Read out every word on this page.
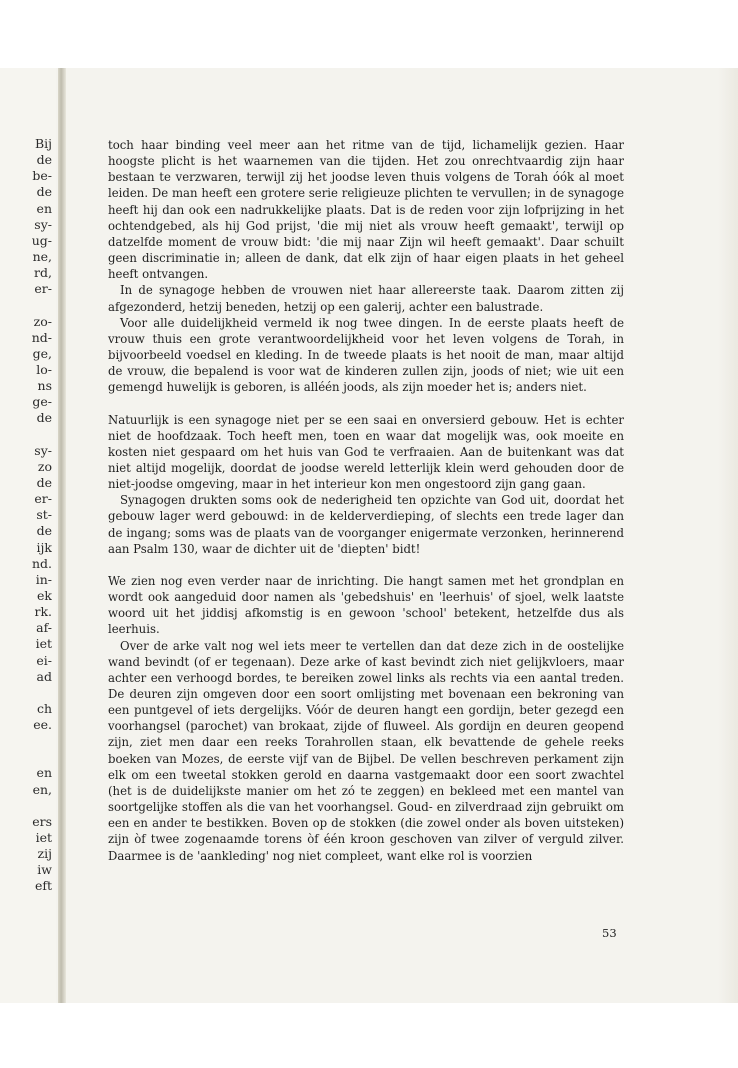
Bij
de
be-
de
en
sy-
ug-
ne,
rd,
er-
zo-
nd-
ge,
lo-
ns
ge-
de
sy-
zo
de
er-
st-
de
ijk
nd.
in-
ek
rk.
af-
iet
ei-
ad
ch
ee.
en
en,
ers
iet
zij
iw
eft

toch haar binding veel meer aan het ritme van de tijd, lichamelijk gezien. Haar hoogste plicht is het waarnemen van die tijden. Het zou onrechtvaardig zijn haar bestaan te verzwaren, terwijl zij het joodse leven thuis volgens de Torah óók al moet leiden. De man heeft een grotere serie religieuze plichten te vervullen; in de synagoge heeft hij dan ook een nadrukkelijke plaats. Dat is de reden voor zijn lofprijzing in het ochtendgebed, als hij God prijst, 'die mij niet als vrouw heeft gemaakt', terwijl op datzelfde moment de vrouw bidt: 'die mij naar Zijn wil heeft gemaakt'. Daar schuilt geen discriminatie in; alleen de dank, dat elk zijn of haar eigen plaats in het geheel heeft ontvangen.

In de synagoge hebben de vrouwen niet haar allereerste taak. Daarom zitten zij afgezonderd, hetzij beneden, hetzij op een galerij, achter een balustrade.

Voor alle duidelijkheid vermeld ik nog twee dingen. In de eerste plaats heeft de vrouw thuis een grote verantwoordelijkheid voor het leven volgens de Torah, in bijvoorbeeld voedsel en kleding. In de tweede plaats is het nooit de man, maar altijd de vrouw, die bepalend is voor wat de kinderen zullen zijn, joods of niet; wie uit een gemengd huwelijk is geboren, is alléén joods, als zijn moeder het is; anders niet.

Natuurlijk is een synagoge niet per se een saai en onversierd gebouw. Het is echter niet de hoofdzaak. Toch heeft men, toen en waar dat mogelijk was, ook moeite en kosten niet gespaard om het huis van God te verfraaien. Aan de buitenkant was dat niet altijd mogelijk, doordat de joodse wereld letterlijk klein werd gehouden door de niet-joodse omgeving, maar in het interieur kon men ongestoord zijn gang gaan.

Synagogen drukten soms ook de nederigheid ten opzichte van God uit, doordat het gebouw lager werd gebouwd: in de kelderverdieping, of slechts een trede lager dan de ingang; soms was de plaats van de voorganger enigermate verzonken, herinnerend aan Psalm 130, waar de dichter uit de 'diepten' bidt!

We zien nog even verder naar de inrichting. Die hangt samen met het grondplan en wordt ook aangeduid door namen als 'gebedshuis' en 'leerhuis' of sjoel, welk laatste woord uit het jiddisj afkomstig is en gewoon 'school' betekent, hetzelfde dus als leerhuis.

Over de arke valt nog wel iets meer te vertellen dan dat deze zich in de oostelijke wand bevindt (of er tegenaan). Deze arke of kast bevindt zich niet gelijkvloers, maar achter een verhoogd bordes, te bereiken zowel links als rechts via een aantal treden. De deuren zijn omgeven door een soort omlijsting met bovenaan een bekroning van een puntgevel of iets dergelijks. Vóór de deuren hangt een gordijn, beter gezegd een voorhangsel (parochet) van brokaat, zijde of fluweel. Als gordijn en deuren geopend zijn, ziet men daar een reeks Torahrollen staan, elk bevattende de gehele reeks boeken van Mozes, de eerste vijf van de Bijbel. De vellen beschreven perkament zijn elk om een tweetal stokken gerold en daarna vastgemaakt door een soort zwachtel (het is de duidelijkste manier om het zó te zeggen) en bekleed met een mantel van soortgelijke stoffen als die van het voorhangsel. Goud- en zilverdraad zijn gebruikt om een en ander te bestikken. Boven op de stokken (die zowel onder als boven uitsteken) zijn òf twee zogenaamde torens òf één kroon geschoven van zilver of verguld zilver. Daarmee is de 'aankleding' nog niet compleet, want elke rol is voorzien

53
